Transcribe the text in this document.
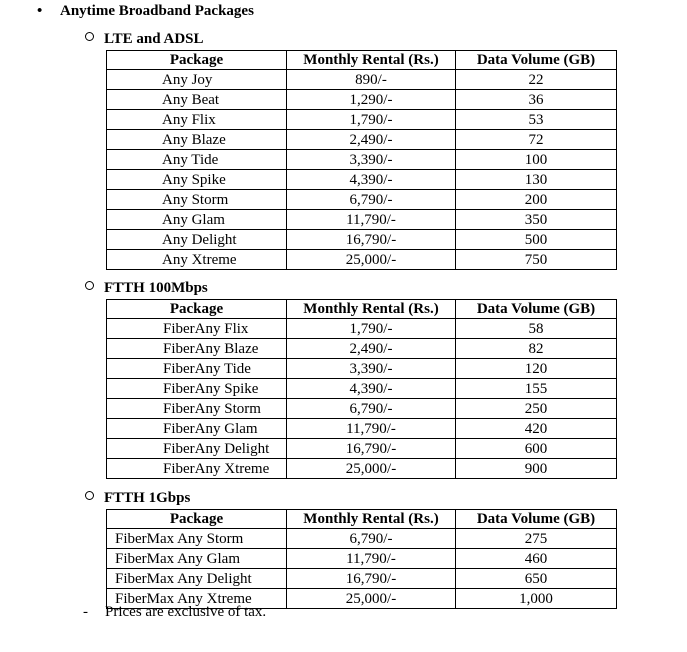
• Anytime Broadband Packages
LTE and ADSL
Package	Monthly Rental (Rs.)	Data Volume (GB)
Any Joy	890/-	22
Any Beat	1,290/-	36
Any Flix	1,790/-	53
Any Blaze	2,490/-	72
Any Tide	3,390/-	100
Any Spike	4,390/-	130
Any Storm	6,790/-	200
Any Glam	11,790/-	350
Any Delight	16,790/-	500
Any Xtreme	25,000/-	750
FTTH 100Mbps
Package	Monthly Rental (Rs.)	Data Volume (GB)
FiberAny Flix	1,790/-	58
FiberAny Blaze	2,490/-	82
FiberAny Tide	3,390/-	120
FiberAny Spike	4,390/-	155
FiberAny Storm	6,790/-	250
FiberAny Glam	11,790/-	420
FiberAny Delight	16,790/-	600
FiberAny Xtreme	25,000/-	900
FTTH 1Gbps
Package	Monthly Rental (Rs.)	Data Volume (GB)
FiberMax Any Storm	6,790/-	275
FiberMax Any Glam	11,790/-	460
FiberMax Any Delight	16,790/-	650
FiberMax Any Xtreme	25,000/-	1,000
- Prices are exclusive of tax.
